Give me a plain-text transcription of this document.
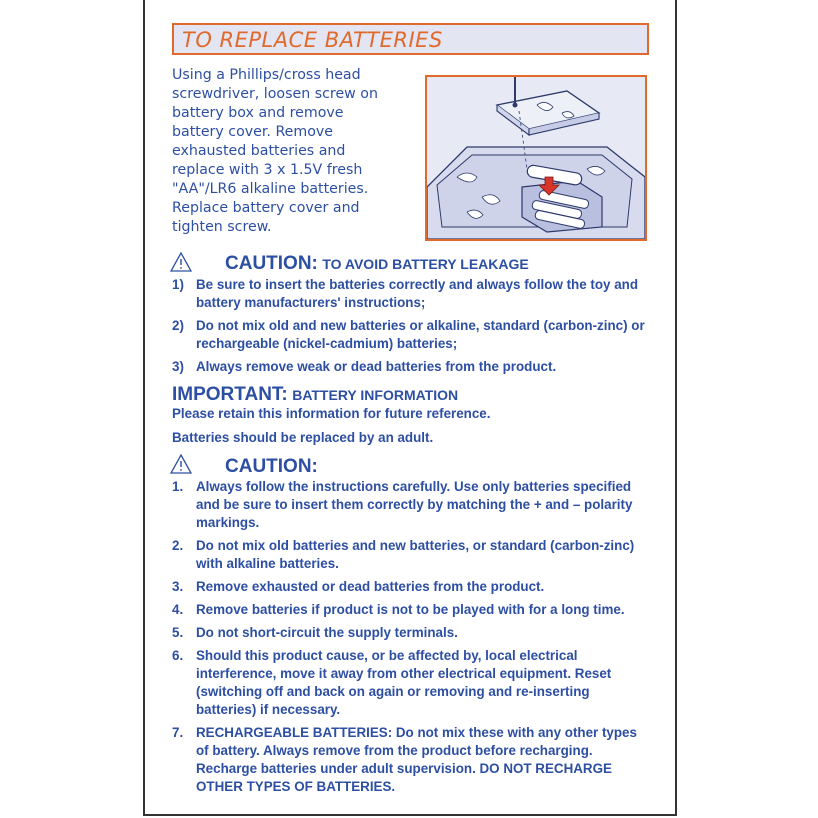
TO REPLACE BATTERIES

Using a Phillips/cross head
screwdriver, loosen screw on
battery box and remove
battery cover. Remove
exhausted batteries and
replace with 3 x 1.5V fresh
"AA"/LR6 alkaline batteries.
Replace battery cover and
tighten screw.

CAUTION: TO AVOID BATTERY LEAKAGE
1) Be sure to insert the batteries correctly and always follow the toy and battery manufacturers' instructions;
2) Do not mix old and new batteries or alkaline, standard (carbon-zinc) or rechargeable (nickel-cadmium) batteries;
3) Always remove weak or dead batteries from the product.
IMPORTANT: BATTERY INFORMATION
Please retain this information for future reference.
Batteries should be replaced by an adult.
CAUTION:
1. Always follow the instructions carefully. Use only batteries specified and be sure to insert them correctly by matching the + and – polarity markings.
2. Do not mix old batteries and new batteries, or standard (carbon-zinc) with alkaline batteries.
3. Remove exhausted or dead batteries from the product.
4. Remove batteries if product is not to be played with for a long time.
5. Do not short-circuit the supply terminals.
6. Should this product cause, or be affected by, local electrical interference, move it away from other electrical equipment. Reset (switching off and back on again or removing and re-inserting batteries) if necessary.
7. RECHARGEABLE BATTERIES: Do not mix these with any other types of battery. Always remove from the product before recharging. Recharge batteries under adult supervision. DO NOT RECHARGE OTHER TYPES OF BATTERIES.
